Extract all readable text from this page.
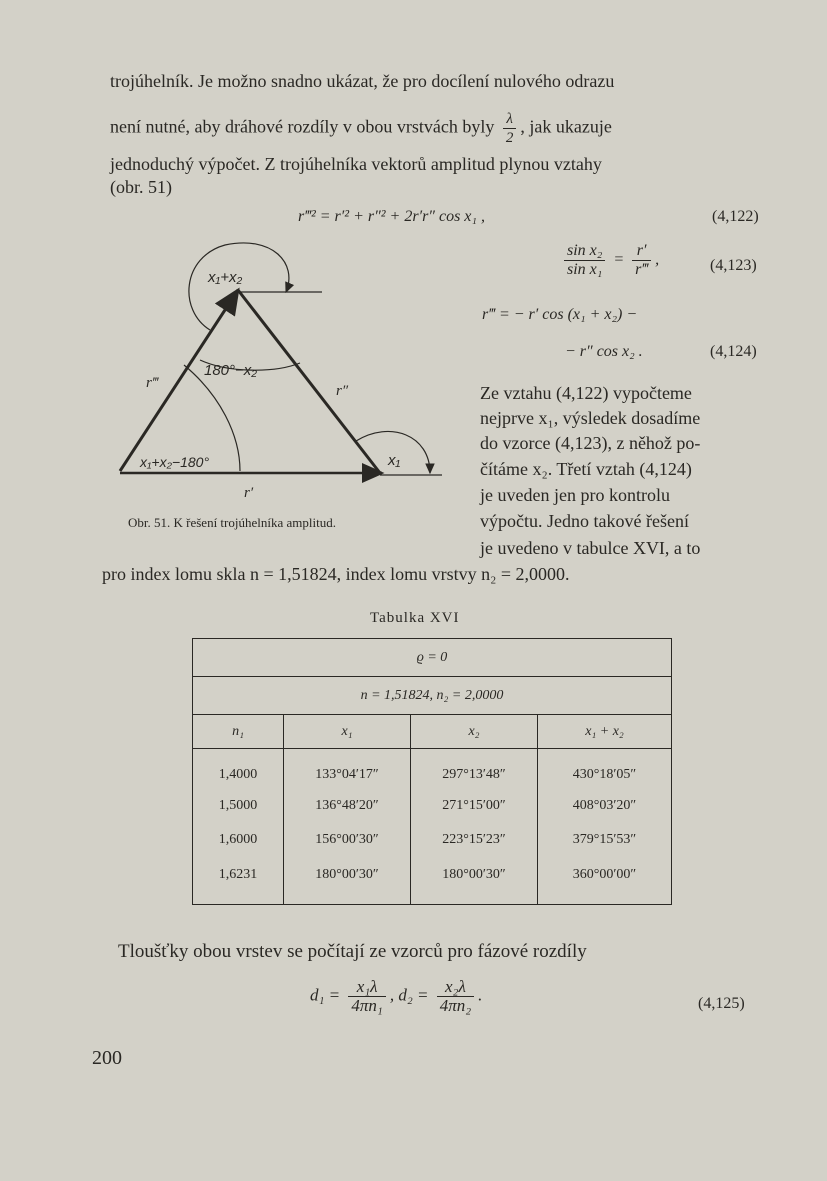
trojúhelník. Je možno snadno ukázat, že pro docílení nulového odrazu
není nutné, aby dráhové rozdíly v obou vrstvách byly $\frac{\lambda}{2}$ , jak ukazuje
jednoduchý výpočet. Z trojúhelníka vektorů amplitud plynou vztahy
(obr. 51)
r‴² = r′² + r″² + 2r′r″ cos x₁ ,	(4,122)
$\frac{\text{sin x₂}}{\text{sin x₁}} = \frac{r'}{r‴}$ ,	(4,123)
r‴ = − r′ cos (x₁ + x₂) −
− r″ cos x₂ .	(4,124)
x₁+x₂
180°−x₂
r‴	r″
x₁+x₂−180°	x₁
r′
Obr. 51. K řešení trojúhelníka amplitud.
Ze vztahu (4,122) vypočteme
nejprve x₁, výsledek dosadíme
do vzorce (4,123), z něhož po-
čítáme x₂. Třetí vztah (4,124)
je uveden jen pro kontrolu
výpočtu. Jedno takové řešení
je uvedeno v tabulce XVI, a to
pro index lomu skla n = 1,51824, index lomu vrstvy n₂ = 2,0000.
Tabulka XVI
ϱ = 0			
n = 1,51824, n₂ = 2,0000			
n₁	x₁	x₂	x₁ + x₂
1,4000	133°04′17″	297°13′48″	430°18′05″
1,5000	136°48′20″	271°15′00″	408°03′20″
1,6000	156°00′30″	223°15′23″	379°15′53″
1,6231	180°00′30″	180°00′30″	360°00′00″
Tloušťky obou vrstev se počítají ze vzorců pro fázové rozdíly
$d_1 = \frac{\text{x₁λ}}{\text{4πn₁}}$ , $d_2 = \frac{\text{x₂λ}}{\text{4πn₂}}$ .	(4,125)
200
